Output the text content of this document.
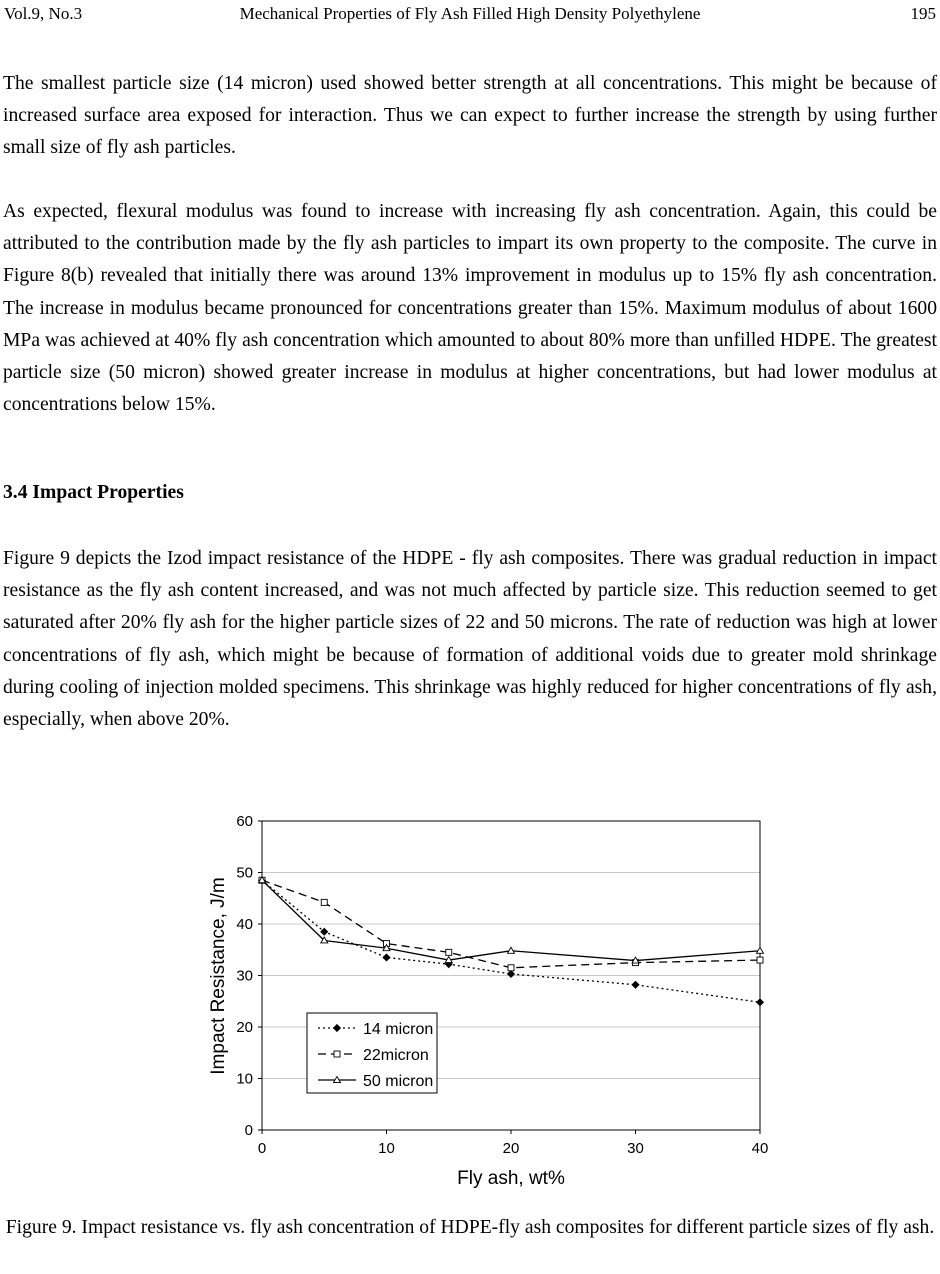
Vol.9, No.3	Mechanical Properties of Fly Ash Filled High Density Polyethylene	195

The smallest particle size (14 micron) used showed better strength at all concentrations. This might be because of increased surface area exposed for interaction. Thus we can expect to further increase the strength by using further small size of fly ash particles.

As expected, flexural modulus was found to increase with increasing fly ash concentration. Again, this could be attributed to the contribution made by the fly ash particles to impart its own property to the composite. The curve in Figure 8(b) revealed that initially there was around 13% improvement in modulus up to 15% fly ash concentration. The increase in modulus became pronounced for concentrations greater than 15%. Maximum modulus of about 1600 MPa was achieved at 40% fly ash concentration which amounted to about 80% more than unfilled HDPE. The greatest particle size (50 micron) showed greater increase in modulus at higher concentrations, but had lower modulus at concentrations below 15%.

3.4 Impact Properties

Figure 9 depicts the Izod impact resistance of the HDPE - fly ash composites. There was gradual reduction in impact resistance as the fly ash content increased, and was not much affected by particle size. This reduction seemed to get saturated after 20% fly ash for the higher particle sizes of 22 and 50 microns. The rate of reduction was high at lower concentrations of fly ash, which might be because of formation of additional voids due to greater mold shrinkage during cooling of injection molded specimens. This shrinkage was highly reduced for higher concentrations of fly ash, especially, when above 20%.

0
10
20
30
40
50
60
0	10	20	30	40
Impact Resistance, J/m
Fly ash, wt%
14 micron
22micron
50 micron

Figure 9. Impact resistance vs. fly ash concentration of HDPE-fly ash composites for different particle sizes of fly ash.
